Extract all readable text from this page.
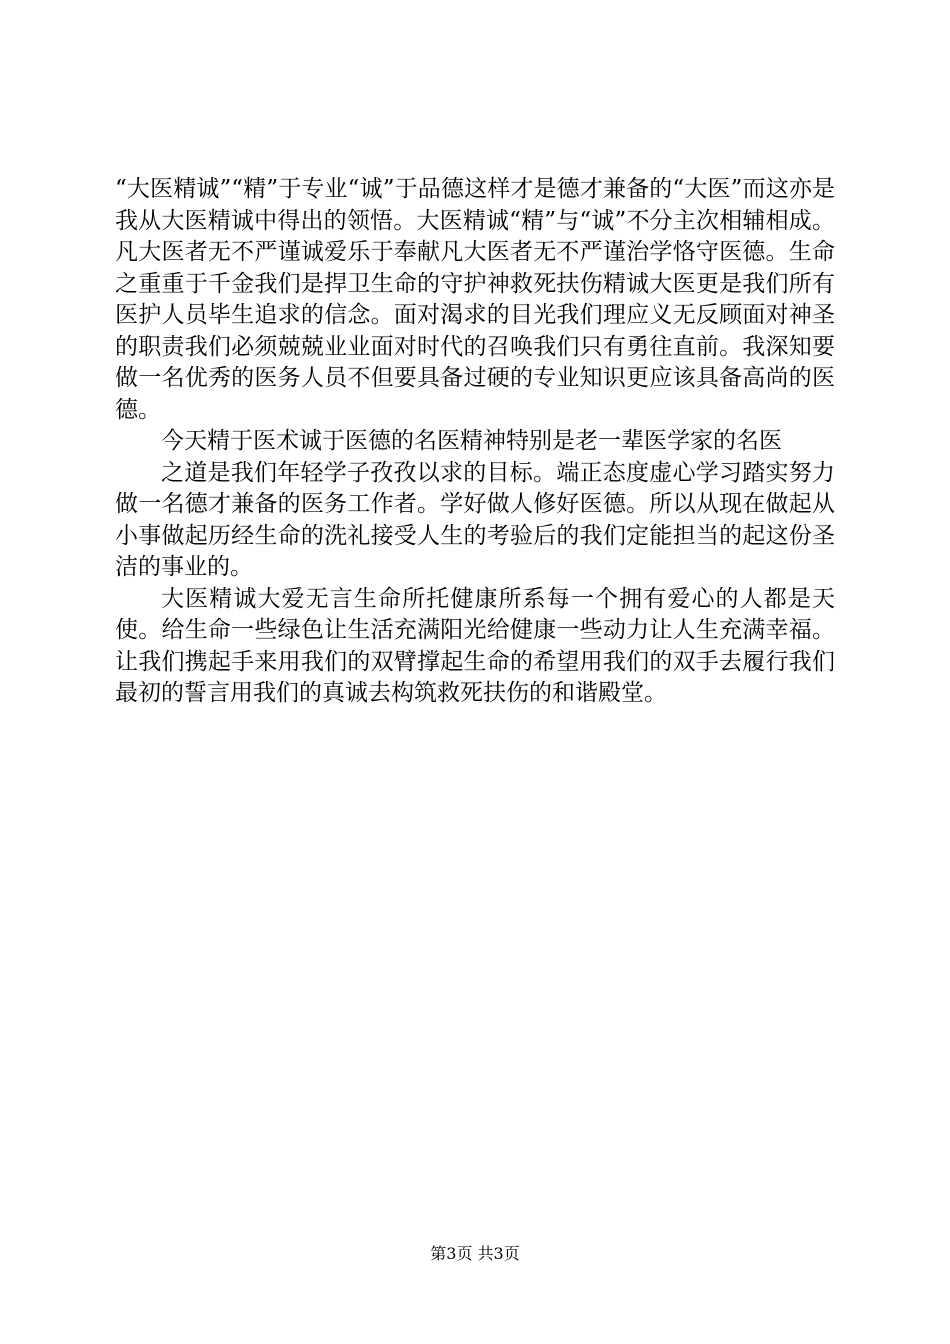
“大医精诚”“精”于专业“诚”于品德这样才是德才兼备的“大医”而这亦是我从大医精诚中得出的领悟。大医精诚“精”与“诚”不分主次相辅相成。凡大医者无不严谨诚爱乐于奉献凡大医者无不严谨治学恪守医德。生命之重重于千金我们是捍卫生命的守护神救死扶伤精诚大医更是我们所有医护人员毕生追求的信念。面对渴求的目光我们理应义无反顾面对神圣的职责我们必须兢兢业业面对时代的召唤我们只有勇往直前。我深知要做一名优秀的医务人员不但要具备过硬的专业知识更应该具备高尚的医德。

今天精于医术诚于医德的名医精神特别是老一辈医学家的名医

之道是我们年轻学子孜孜以求的目标。端正态度虚心学习踏实努力做一名德才兼备的医务工作者。学好做人修好医德。所以从现在做起从小事做起历经生命的洗礼接受人生的考验后的我们定能担当的起这份圣洁的事业的。

大医精诚大爱无言生命所托健康所系每一个拥有爱心的人都是天使。给生命一些绿色让生活充满阳光给健康一些动力让人生充满幸福。让我们携起手来用我们的双臂撑起生命的希望用我们的双手去履行我们最初的誓言用我们的真诚去构筑救死扶伤的和谐殿堂。

第3页 共3页
